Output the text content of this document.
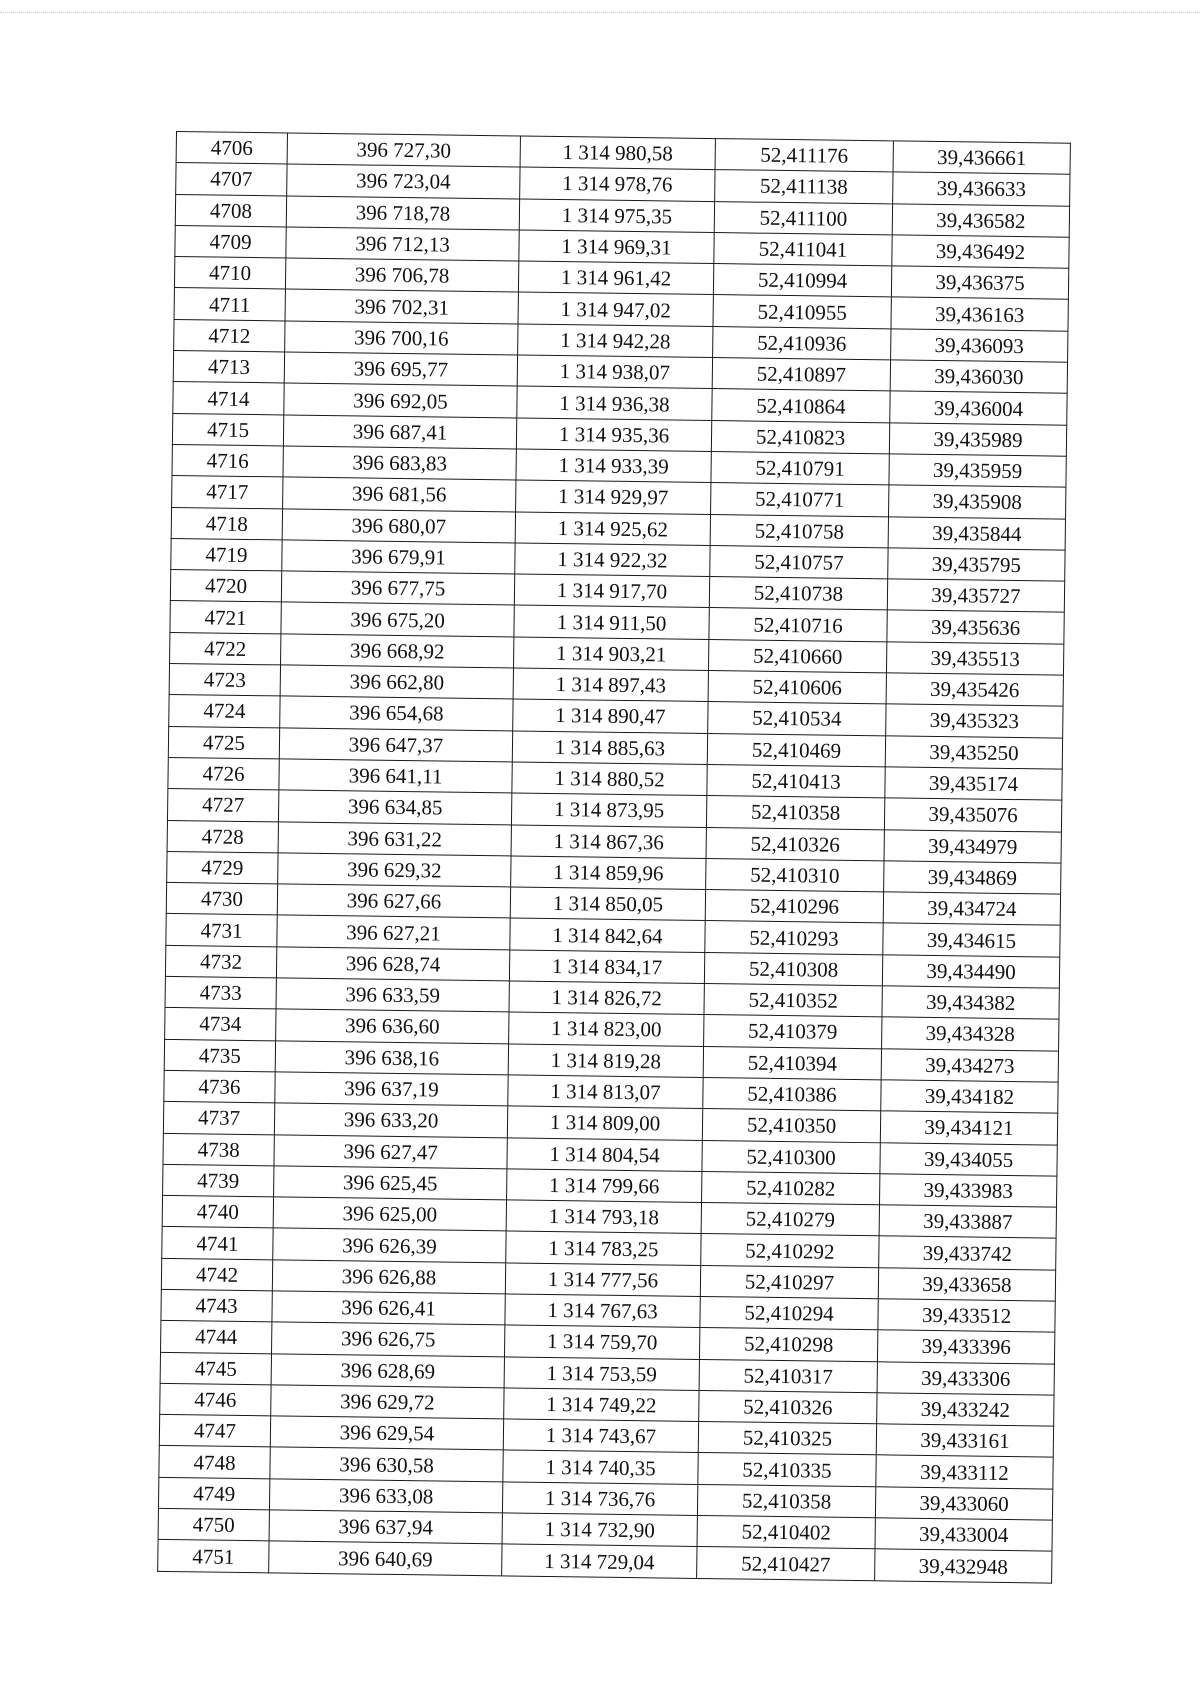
4706	396 727,30	1 314 980,58	52,411176	39,436661
4707	396 723,04	1 314 978,76	52,411138	39,436633
4708	396 718,78	1 314 975,35	52,411100	39,436582
4709	396 712,13	1 314 969,31	52,411041	39,436492
4710	396 706,78	1 314 961,42	52,410994	39,436375
4711	396 702,31	1 314 947,02	52,410955	39,436163
4712	396 700,16	1 314 942,28	52,410936	39,436093
4713	396 695,77	1 314 938,07	52,410897	39,436030
4714	396 692,05	1 314 936,38	52,410864	39,436004
4715	396 687,41	1 314 935,36	52,410823	39,435989
4716	396 683,83	1 314 933,39	52,410791	39,435959
4717	396 681,56	1 314 929,97	52,410771	39,435908
4718	396 680,07	1 314 925,62	52,410758	39,435844
4719	396 679,91	1 314 922,32	52,410757	39,435795
4720	396 677,75	1 314 917,70	52,410738	39,435727
4721	396 675,20	1 314 911,50	52,410716	39,435636
4722	396 668,92	1 314 903,21	52,410660	39,435513
4723	396 662,80	1 314 897,43	52,410606	39,435426
4724	396 654,68	1 314 890,47	52,410534	39,435323
4725	396 647,37	1 314 885,63	52,410469	39,435250
4726	396 641,11	1 314 880,52	52,410413	39,435174
4727	396 634,85	1 314 873,95	52,410358	39,435076
4728	396 631,22	1 314 867,36	52,410326	39,434979
4729	396 629,32	1 314 859,96	52,410310	39,434869
4730	396 627,66	1 314 850,05	52,410296	39,434724
4731	396 627,21	1 314 842,64	52,410293	39,434615
4732	396 628,74	1 314 834,17	52,410308	39,434490
4733	396 633,59	1 314 826,72	52,410352	39,434382
4734	396 636,60	1 314 823,00	52,410379	39,434328
4735	396 638,16	1 314 819,28	52,410394	39,434273
4736	396 637,19	1 314 813,07	52,410386	39,434182
4737	396 633,20	1 314 809,00	52,410350	39,434121
4738	396 627,47	1 314 804,54	52,410300	39,434055
4739	396 625,45	1 314 799,66	52,410282	39,433983
4740	396 625,00	1 314 793,18	52,410279	39,433887
4741	396 626,39	1 314 783,25	52,410292	39,433742
4742	396 626,88	1 314 777,56	52,410297	39,433658
4743	396 626,41	1 314 767,63	52,410294	39,433512
4744	396 626,75	1 314 759,70	52,410298	39,433396
4745	396 628,69	1 314 753,59	52,410317	39,433306
4746	396 629,72	1 314 749,22	52,410326	39,433242
4747	396 629,54	1 314 743,67	52,410325	39,433161
4748	396 630,58	1 314 740,35	52,410335	39,433112
4749	396 633,08	1 314 736,76	52,410358	39,433060
4750	396 637,94	1 314 732,90	52,410402	39,433004
4751	396 640,69	1 314 729,04	52,410427	39,432948
